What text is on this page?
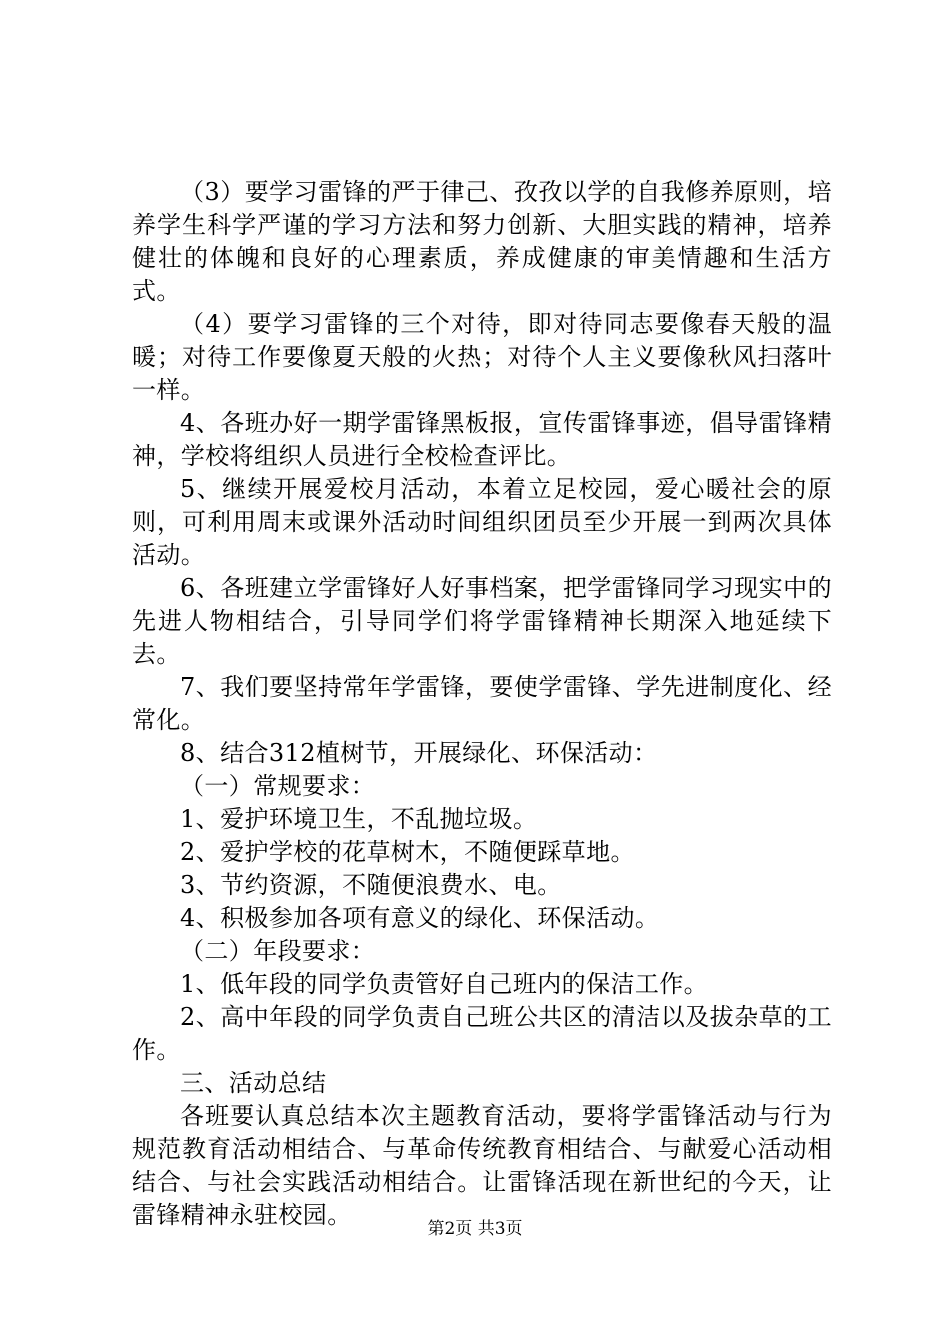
（3）要学习雷锋的严于律己、孜孜以学的自我修养原则，培养学生科学严谨的学习方法和努力创新、大胆实践的精神，培养健壮的体魄和良好的心理素质，养成健康的审美情趣和生活方式。

（4）要学习雷锋的三个对待，即对待同志要像春天般的温暖；对待工作要像夏天般的火热；对待个人主义要像秋风扫落叶一样。

4、各班办好一期学雷锋黑板报，宣传雷锋事迹，倡导雷锋精神，学校将组织人员进行全校检查评比。

5、继续开展爱校月活动，本着立足校园，爱心暖社会的原则，可利用周末或课外活动时间组织团员至少开展一到两次具体活动。

6、各班建立学雷锋好人好事档案，把学雷锋同学习现实中的先进人物相结合，引导同学们将学雷锋精神长期深入地延续下去。

7、我们要坚持常年学雷锋，要使学雷锋、学先进制度化、经常化。

8、结合312植树节，开展绿化、环保活动：

（一）常规要求：

1、爱护环境卫生，不乱抛垃圾。

2、爱护学校的花草树木，不随便踩草地。

3、节约资源，不随便浪费水、电。

4、积极参加各项有意义的绿化、环保活动。

（二）年段要求：

1、低年段的同学负责管好自己班内的保洁工作。

2、高中年段的同学负责自己班公共区的清洁以及拔杂草的工作。

三、活动总结

各班要认真总结本次主题教育活动，要将学雷锋活动与行为规范教育活动相结合、与革命传统教育相结合、与献爱心活动相结合、与社会实践活动相结合。让雷锋活现在新世纪的今天，让雷锋精神永驻校园。	第2页 共3页
